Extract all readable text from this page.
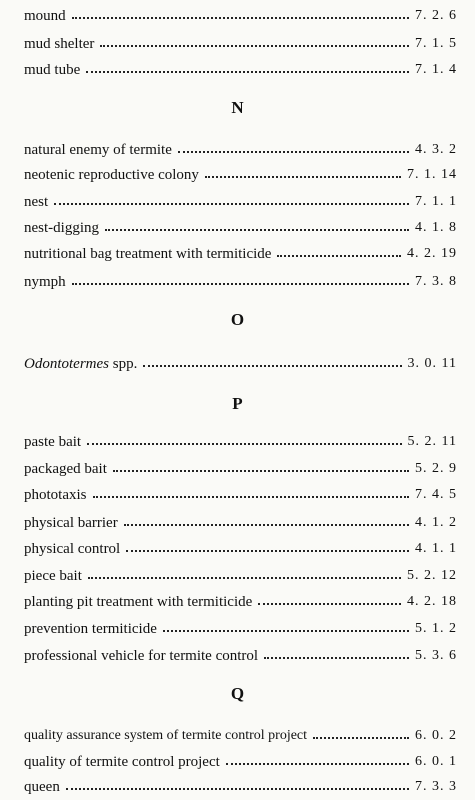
mound	7. 2. 6
mud shelter	7. 1. 5
mud tube	7. 1. 4
N
natural enemy of termite	4. 3. 2
neotenic reproductive colony	7. 1. 14
nest	7. 1. 1
nest-digging	4. 1. 8
nutritional bag treatment with termiticide	4. 2. 19
nymph	7. 3. 8
O
Odontotermes spp.	3. 0. 11
P
paste bait	5. 2. 11
packaged bait	5. 2. 9
phototaxis	7. 4. 5
physical barrier	4. 1. 2
physical control	4. 1. 1
piece bait	5. 2. 12
planting pit treatment with termiticide	4. 2. 18
prevention termiticide	5. 1. 2
professional vehicle for termite control	5. 3. 6
Q
quality assurance system of termite control project	6. 0. 2
quality of termite control project	6. 0. 1
queen	7. 3. 3
